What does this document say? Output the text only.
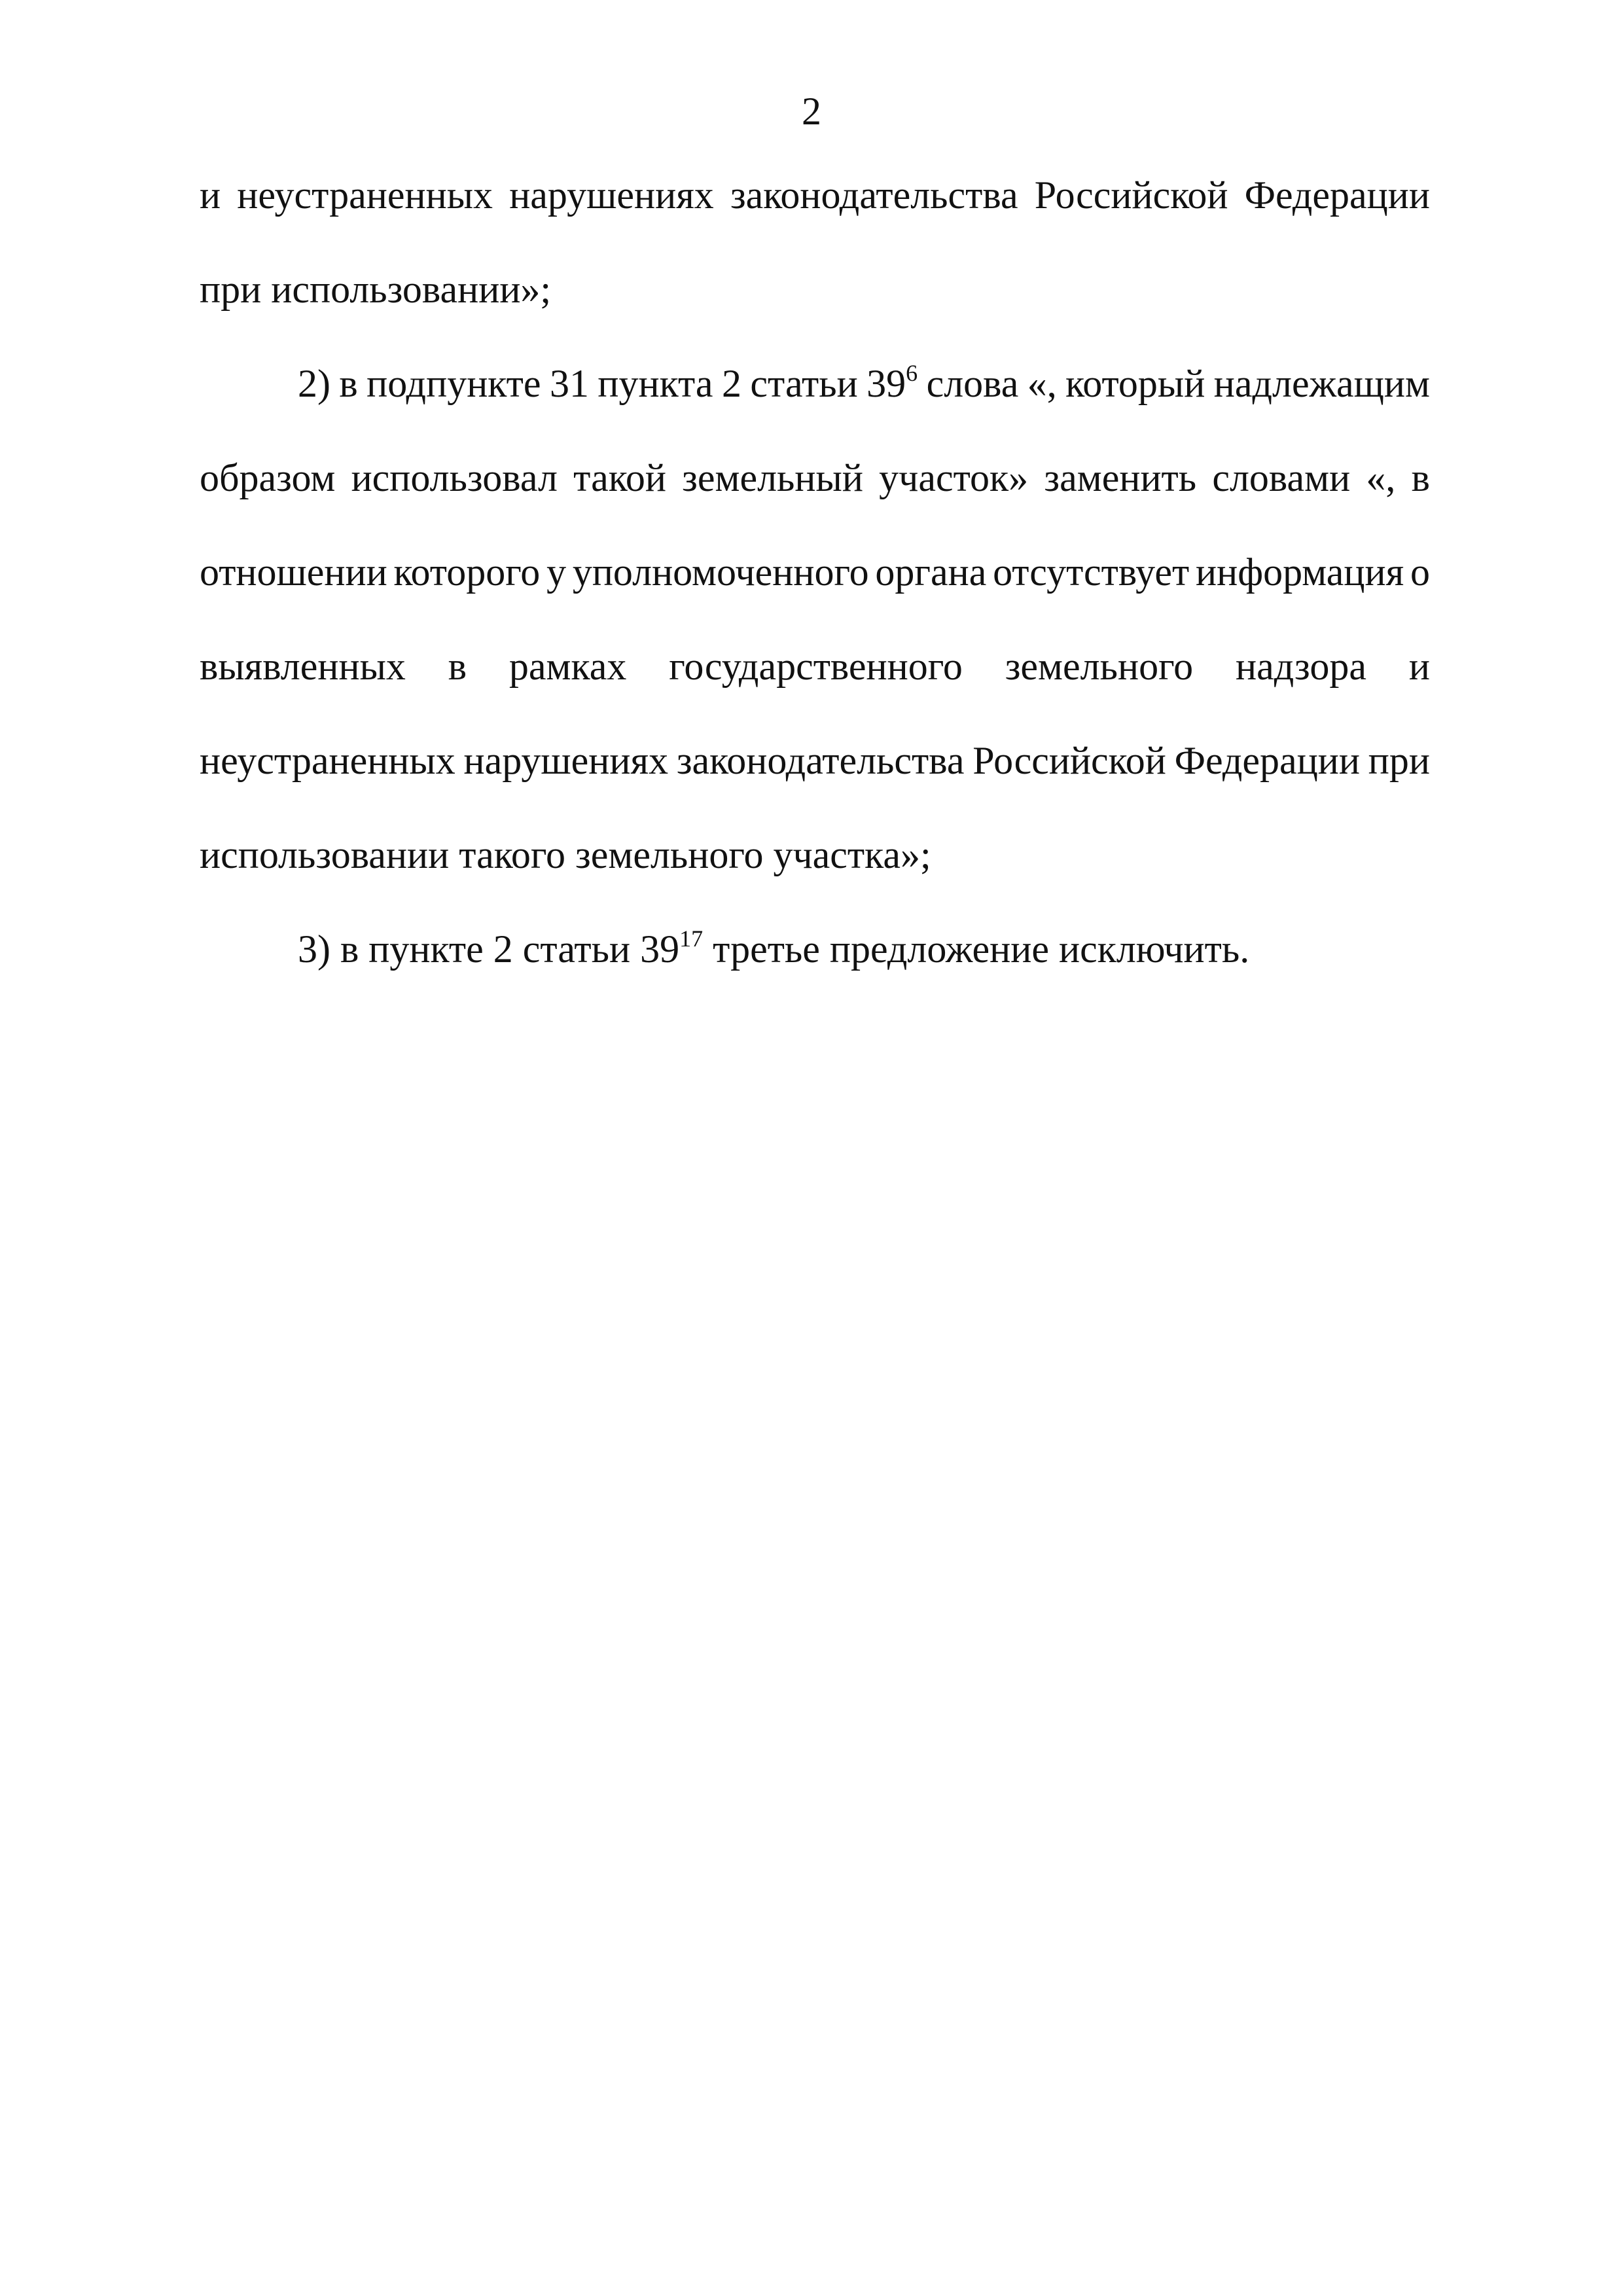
2
и неустраненных нарушениях законодательства Российской Федерации
при использовании»;
2) в подпункте 31 пункта 2 статьи $39^6$ слова «, который надлежащим
образом использовал такой земельный участок» заменить словами «, в
отношении которого у уполномоченного органа отсутствует информация о
выявленных в рамках государственного земельного надзора и
неустраненных нарушениях законодательства Российской Федерации при
использовании такого земельного участка»;
3) в пункте 2 статьи $39^{17}$ третье предложение исключить.
